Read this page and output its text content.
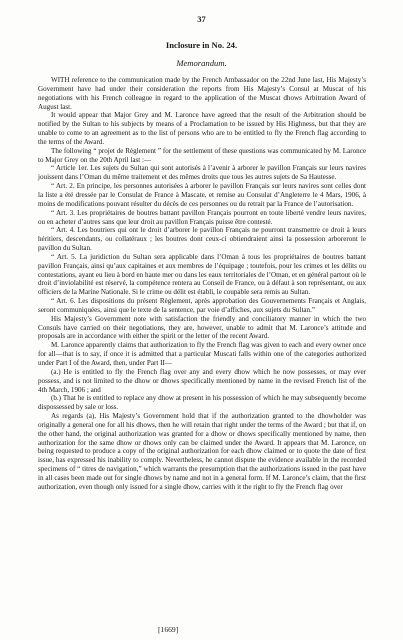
37
Inclosure in No. 24.
Memorandum.

WITH reference to the communication made by the French Ambassador on the 22nd June last, His Majesty’s Government have had under their consideration the reports from His Majesty’s Consul at Muscat of his negotiations with his French colleague in regard to the application of the Muscat dhows Arbitration Award of August last.

It would appear that Major Grey and M. Laronce have agreed that the result of the Arbitration should be notified by the Sultan to his subjects by means of a Proclamation to be issued by His Highness, but that they are unable to come to an agreement as to the list of persons who are to be entitled to fly the French flag according to the terms of the Award.

The following “ projet de Règlement ” for the settlement of these questions was communicated by M. Laronce to Major Grey on the 20th April last :—

“ Article 1er. Les sujets du Sultan qui sont autorisés à l’avenir à arborer le pavillon Français sur leurs navires jouissent dans l’Oman du même traitement et des mêmes droits que tous les autres sujets de Sa Hautesse.

“ Art. 2. En principe, les personnes autorisées à arborer le pavillon Français sur leurs navires sont celles dont la liste a été dressée par le Consulat de France à Mascate, et remise au Consulat d’Angleterre le 4 Mars, 1906, à moins de modifications pouvant résulter du décès de ces personnes ou du retrait par la France de l’autorisation.

“ Art. 3. Les propriétaires de boutres battant pavillon Français pourront en toute liberté vendre leurs navires, ou en acheter d’autres sans que leur droit au pavillon Français puisse être contesté.

“ Art. 4. Les boutriers qui ont le droit d’arborer le pavillon Français ne pourront transmettre ce droit à leurs héritiers, descendants, ou collatéraux ; les boutres dont ceux-ci obtiendraient ainsi la possession arboreront le pavillon du Sultan.

“ Art. 5. La juridiction du Sultan sera applicable dans l’Oman à tous les propriétaires de boutres battant pavillon Français, ainsi qu’aux capitaines et aux membres de l’équipage ; toutefois, pour les crimes et les délits ou contestations, ayant eu lieu à bord en haute mer ou dans les eaux territoriales de l’Oman, et en général partout où le droit d’inviolabilité est réservé, la compétence rentera au Conseil de France, ou à défaut à son représentant, ou aux officiers de la Marine Nationale. Si le crime ou délit est établi, le coupable sera remis au Sultan.

“ Art. 6. Les dispositions du présent Règlement, après approbation des Gouvernements Français et Anglais, seront communiquées, ainsi que le texte de la sentence, par voie d’affiches, aux sujets du Sultan.”

His Majesty’s Government note with satisfaction the friendly and conciliatory manner in which the two Consuls have carried on their negotiations, they are, however, unable to admit that M. Laronce’s attitude and proposals are in accordance with either the spirit or the letter of the recent Award.

M. Laronce apparently claims that authorization to fly the French flag was given to each and every owner once for all—that is to say, if once it is admitted that a particular Muscati falls within one of the categories authorized under Part I of the Award, then, under Part II—

(a.) He is entitled to fly the French flag over any and every dhow which he now possesses, or may ever possess, and is not limited to the dhow or dhows specifically mentioned by name in the revised French list of the 4th March, 1906 ; and

(b.) That he is entitled to replace any dhow at present in his possession of which he may subsequently become dispossessed by sale or loss.

As regards (a), His Majesty’s Government hold that if the authorization granted to the dhowholder was originally a general one for all his dhows, then he will retain that right under the terms of the Award ; but that if, on the other hand, the original authorization was granted for a dhow or dhows specifically mentioned by name, then authorization for the same dhow or dhows only can be claimed under the Award. It appears that M. Laronce, on being requested to produce a copy of the original authorization for each dhow claimed or to quote the date of first issue, has expressed his inability to comply. Nevertheless, he cannot dispute the evidence available in the recorded specimens of “ titres de navigation,” which warrants the presumption that the authorizations issued in the past have in all cases been made out for single dhows by name and not in a general form. If M. Laronce’s claim, that the first authorization, even though only issued for a single dhow, carries with it the right to fly the French flag over

[1669]
